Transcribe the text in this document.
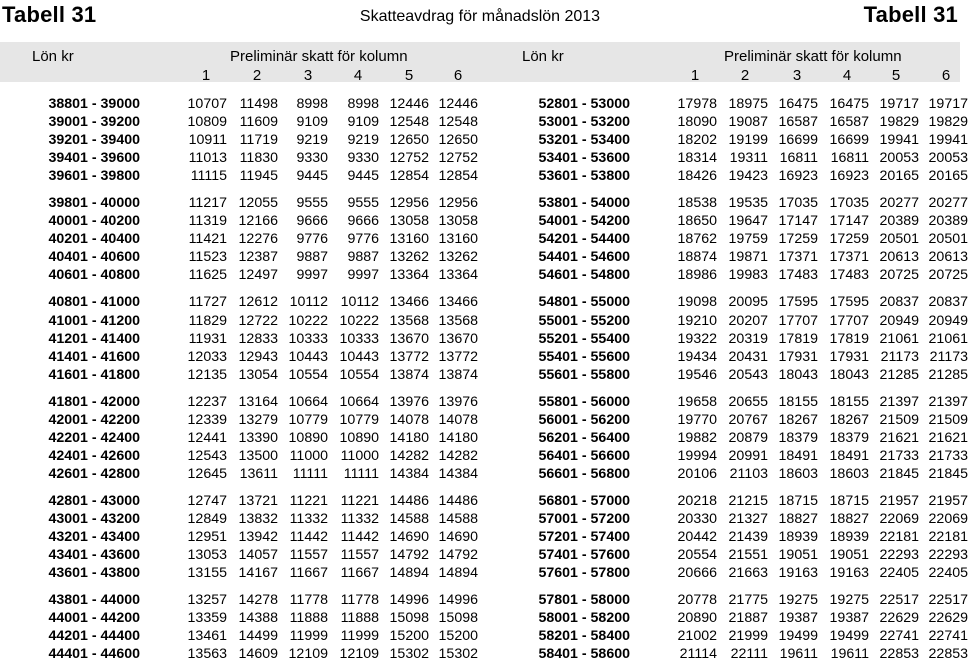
Tabell 31	Skatteavdrag för månadslön 2013	Tabell 31
Lön kr	Preliminär skatt för kolumn
1	2	3	4	5	6
Lön kr	Preliminär skatt för kolumn
1	2	3	4	5	6
38801 - 39000	10707 11498	8998	8998 12446 12446
39001 - 39200	10809 11609	9109	9109 12548 12548
39201 - 39400	10911 11719	9219	9219 12650 12650
39401 - 39600	11013 11830	9330	9330 12752 12752
39601 - 39800	11115 11945	9445	9445 12854 12854
39801 - 40000	11217 12055	9555	9555 12956 12956
40001 - 40200	11319 12166	9666	9666 13058 13058
40201 - 40400	11421 12276	9776	9776 13160 13160
40401 - 40600	11523 12387	9887	9887 13262 13262
40601 - 40800	11625 12497	9997	9997 13364 13364
40801 - 41000	11727 12612 10112 10112 13466 13466
41001 - 41200	11829 12722 10222 10222 13568 13568
41201 - 41400	11931 12833 10333 10333 13670 13670
41401 - 41600	12033 12943 10443 10443 13772 13772
41601 - 41800	12135 13054 10554 10554 13874 13874
41801 - 42000	12237 13164 10664 10664 13976 13976
42001 - 42200	12339 13279 10779 10779 14078 14078
42201 - 42400	12441 13390 10890 10890 14180 14180
42401 - 42600	12543 13500 11000 11000 14282 14282
42601 - 42800	12645 13611	11111	11111 14384 14384
42801 - 43000	12747 13721 11221 11221 14486 14486
43001 - 43200	12849 13832 11332 11332 14588 14588
43201 - 43400	12951 13942 11442 11442 14690 14690
43401 - 43600	13053 14057 11557 11557 14792 14792
43601 - 43800	13155 14167 11667 11667 14894 14894
43801 - 44000	13257 14278 11778 11778 14996 14996
44001 - 44200	13359 14388 11888 11888 15098 15098
44201 - 44400	13461 14499 11999 11999 15200 15200
44401 - 44600	13563 14609 12109 12109 15302 15302
52801 - 53000	17978 18975 16475 16475 19717 19717
53001 - 53200	18090 19087 16587 16587 19829 19829
53201 - 53400	18202 19199 16699 16699 19941 19941
53401 - 53600	18314 19311 16811 16811 20053 20053
53601 - 53800	18426 19423 16923 16923 20165 20165
53801 - 54000	18538 19535 17035 17035 20277 20277
54001 - 54200	18650 19647 17147 17147 20389 20389
54201 - 54400	18762 19759 17259 17259 20501 20501
54401 - 54600	18874 19871 17371 17371 20613 20613
54601 - 54800	18986 19983 17483 17483 20725 20725
54801 - 55000	19098 20095 17595 17595 20837 20837
55001 - 55200	19210 20207 17707 17707 20949 20949
55201 - 55400	19322 20319 17819 17819 21061 21061
55401 - 55600	19434 20431 17931 17931 21173 21173
55601 - 55800	19546 20543 18043 18043 21285 21285
55801 - 56000	19658 20655 18155 18155 21397 21397
56001 - 56200	19770 20767 18267 18267 21509 21509
56201 - 56400	19882 20879 18379 18379 21621 21621
56401 - 56600	19994 20991 18491 18491 21733 21733
56601 - 56800	20106 21103 18603 18603 21845 21845
56801 - 57000	20218 21215 18715 18715 21957 21957
57001 - 57200	20330 21327 18827 18827 22069 22069
57201 - 57400	20442 21439 18939 18939 22181 22181
57401 - 57600	20554 21551 19051 19051 22293 22293
57601 - 57800	20666 21663 19163 19163 22405 22405
57801 - 58000	20778 21775 19275 19275 22517 22517
58001 - 58200	20890 21887 19387 19387 22629 22629
58201 - 58400	21002 21999 19499 19499 22741 22741
58401 - 58600	21114 22111 19611 19611 22853 22853
